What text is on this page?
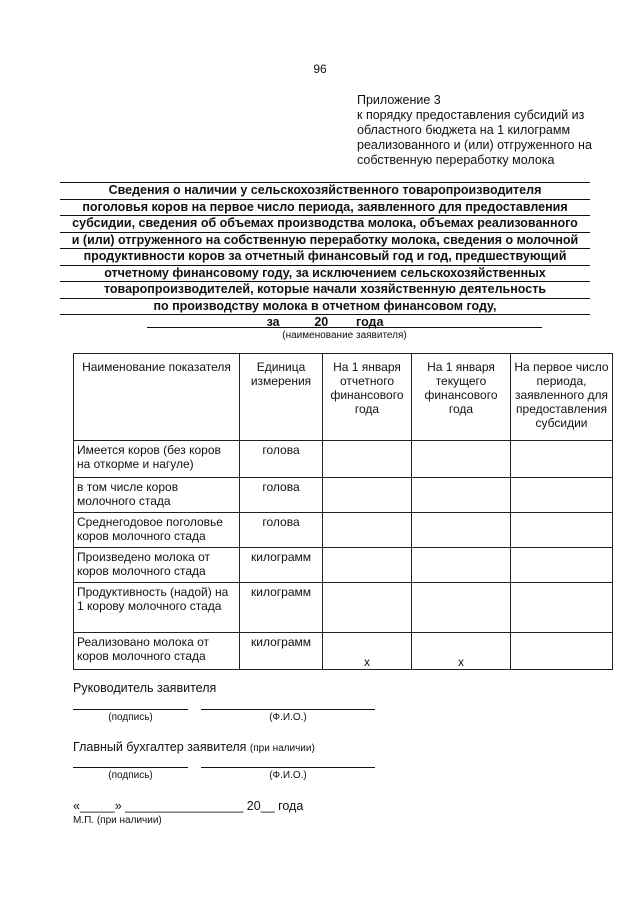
96
Приложение 3
к порядку предоставления субсидий из
областного бюджета на 1 килограмм
реализованного и (или) отгруженного на
собственную переработку молока
Сведения о наличии у сельскохозяйственного товаропроизводителя
поголовья коров на первое число периода, заявленного для предоставления
субсидии, сведения об объемах производства молока, объемах реализованного
и (или) отгруженного на собственную переработку молока, сведения о молочной
продуктивности коров за отчетный финансовый год и год, предшествующий
отчетному финансовому году, за исключением сельскохозяйственных
товаропроизводителей, которые начали хозяйственную деятельность
по производству молока в отчетном финансовом году,
за ____ 20 ___ года
(наименование заявителя)
Наименование показателя	Единица измерения	На 1 января отчетного финансового года	На 1 января текущего финансового года	На первое число периода, заявленного для предоставления субсидии
Имеется коров (без коров на откорме и нагуле)	голова			
в том числе коров молочного стада	голова			
Среднегодовое поголовье коров молочного стада	голова			
Произведено молока от коров молочного стада	килограмм			
Продуктивность (надой) на 1 корову молочного стада	килограмм			
Реализовано молока от коров молочного стада	килограмм	x	x	
Руководитель заявителя
(подпись)	(Ф.И.О.)
Главный бухгалтер заявителя (при наличии)
(подпись)	(Ф.И.О.)
«_____» _________________ 20__ года
М.П. (при наличии)
